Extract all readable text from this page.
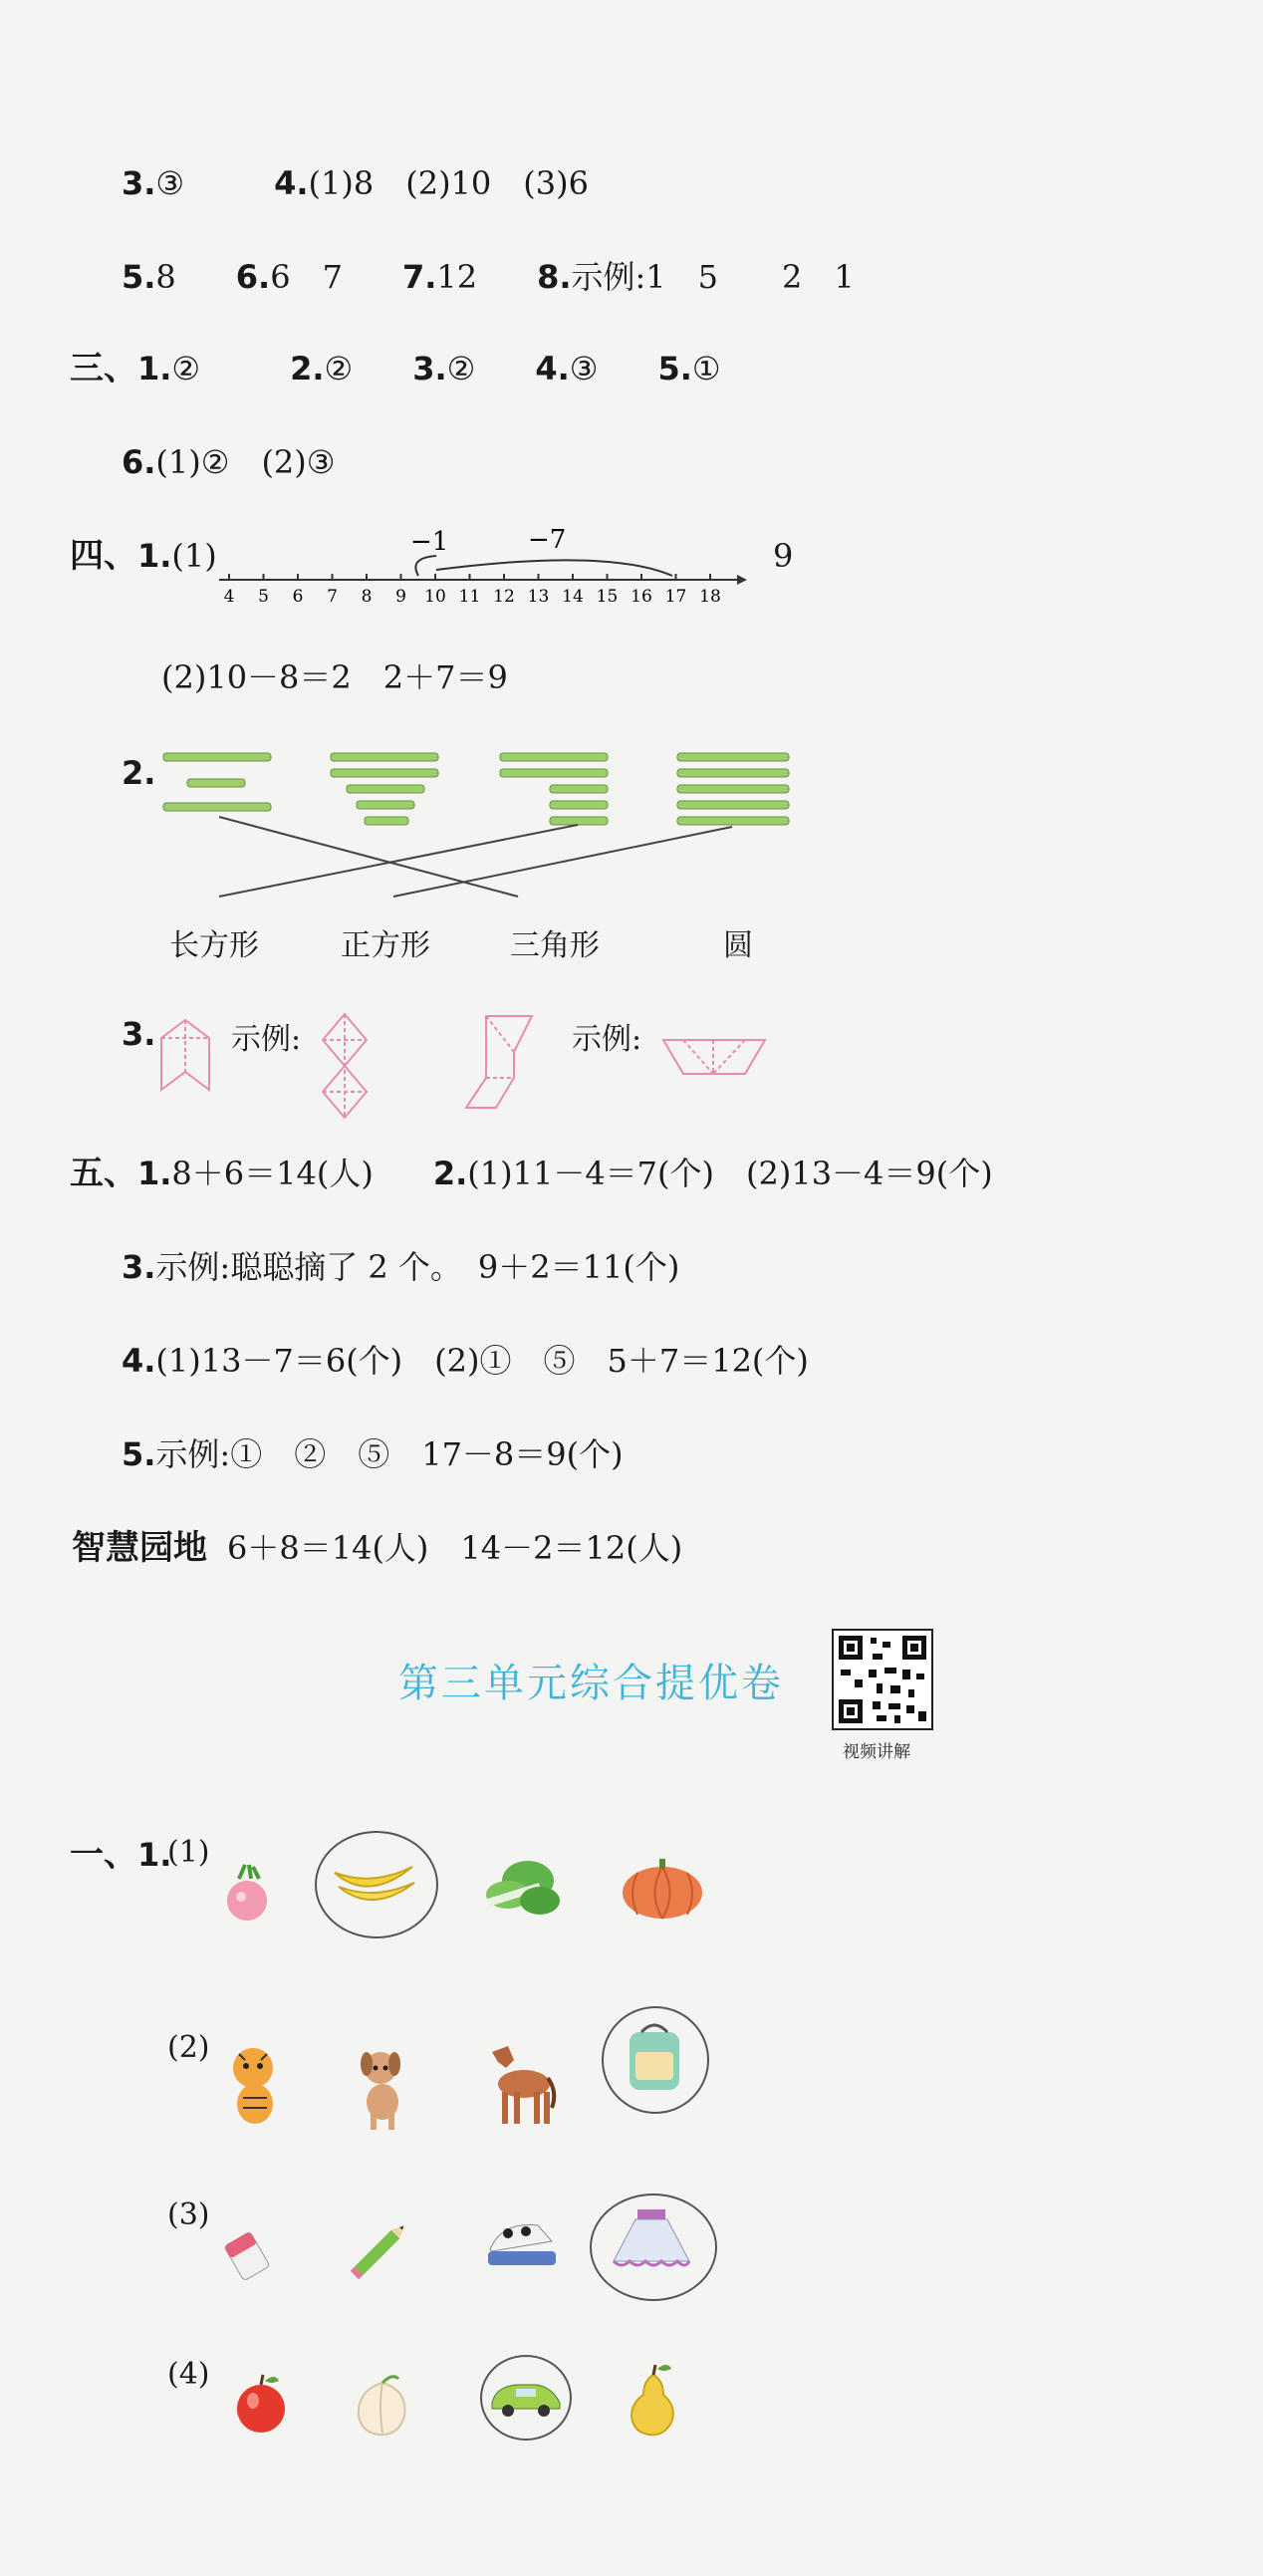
3.③	4.(1)8　(2)10　(3)6
5.8 6.6　7 7.12 8.示例:1　5　　2　1
三、1.②	2.② 3.② 4.③ 5.①
6.(1)②　(2)③
四、1.(1)
4 5 6 7 8 9 10 11 12 13 14 15 16 17 18
−1	−7	9
(2)10－8＝2　2＋7＝9
2.
长方形	正方形	三角形	圆
3.	示例:	示例:
五、1.8＋6＝14(人) 2.(1)11－4＝7(个)　(2)13－4＝9(个)
3.示例:聪聪摘了 2 个。　9＋2＝11(个)
4.(1)13－7＝6(个)　(2)①　⑤　5＋7＝12(个)
5.示例:①　②　⑤　17－8＝9(个)
智慧园地 6＋8＝14(人)　14－2＝12(人)
第三单元综合提优卷
视频讲解
一、1.
(1)
(2)
(3)
(4)
